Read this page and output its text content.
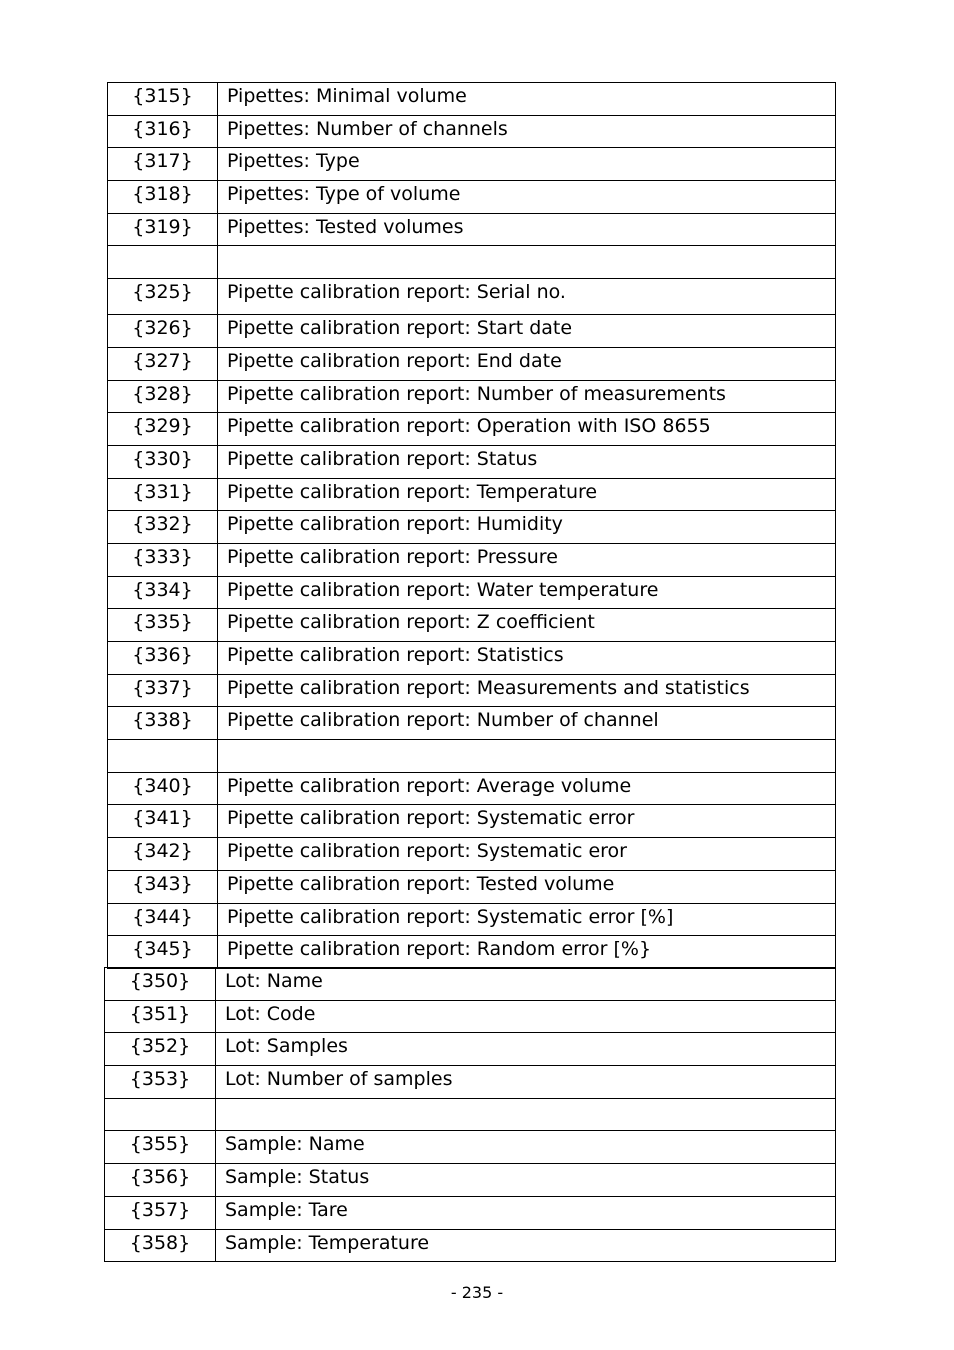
{315}	Pipettes: Minimal volume
{316}	Pipettes: Number of channels
{317}	Pipettes: Type
{318}	Pipettes: Type of volume
{319}	Pipettes: Tested volumes

{325}	Pipette calibration report: Serial no.
{326}	Pipette calibration report: Start date
{327}	Pipette calibration report: End date
{328}	Pipette calibration report: Number of measurements
{329}	Pipette calibration report: Operation with ISO 8655
{330}	Pipette calibration report: Status
{331}	Pipette calibration report: Temperature
{332}	Pipette calibration report: Humidity
{333}	Pipette calibration report: Pressure
{334}	Pipette calibration report: Water temperature
{335}	Pipette calibration report: Z coefficient
{336}	Pipette calibration report: Statistics
{337}	Pipette calibration report: Measurements and statistics
{338}	Pipette calibration report: Number of channel

{340}	Pipette calibration report: Average volume
{341}	Pipette calibration report: Systematic error
{342}	Pipette calibration report: Systematic eror
{343}	Pipette calibration report: Tested volume
{344}	Pipette calibration report: Systematic error [%]
{345}	Pipette calibration report: Random error [%}
{350}	Lot: Name
{351}	Lot: Code
{352}	Lot: Samples
{353}	Lot: Number of samples

{355}	Sample: Name
{356}	Sample: Status
{357}	Sample: Tare
{358}	Sample: Temperature
- 235 -
